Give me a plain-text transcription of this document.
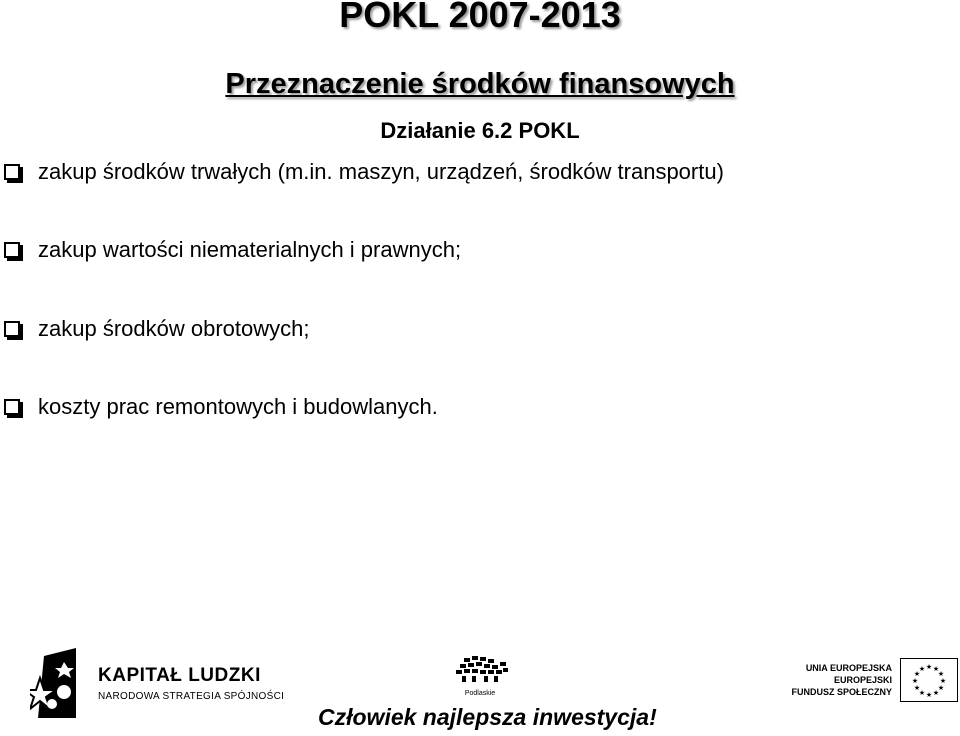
POKL 2007-2013
Przeznaczenie środków finansowych
Działanie 6.2 POKL
zakup środków trwałych (m.in. maszyn, urządzeń, środków transportu)
zakup wartości niematerialnych i prawnych;
zakup środków obrotowych;
koszty prac remontowych i budowlanych.
KAPITAŁ LUDZKI
NARODOWA STRATEGIA SPÓJNOŚCI	Podlaskie
UNIA EUROPEJSKA
EUROPEJSKI
FUNDUSZ SPOŁECZNY
★ ★
★
★
★
★
★
★
★
★
★
★
Człowiek najlepsza inwestycja!
